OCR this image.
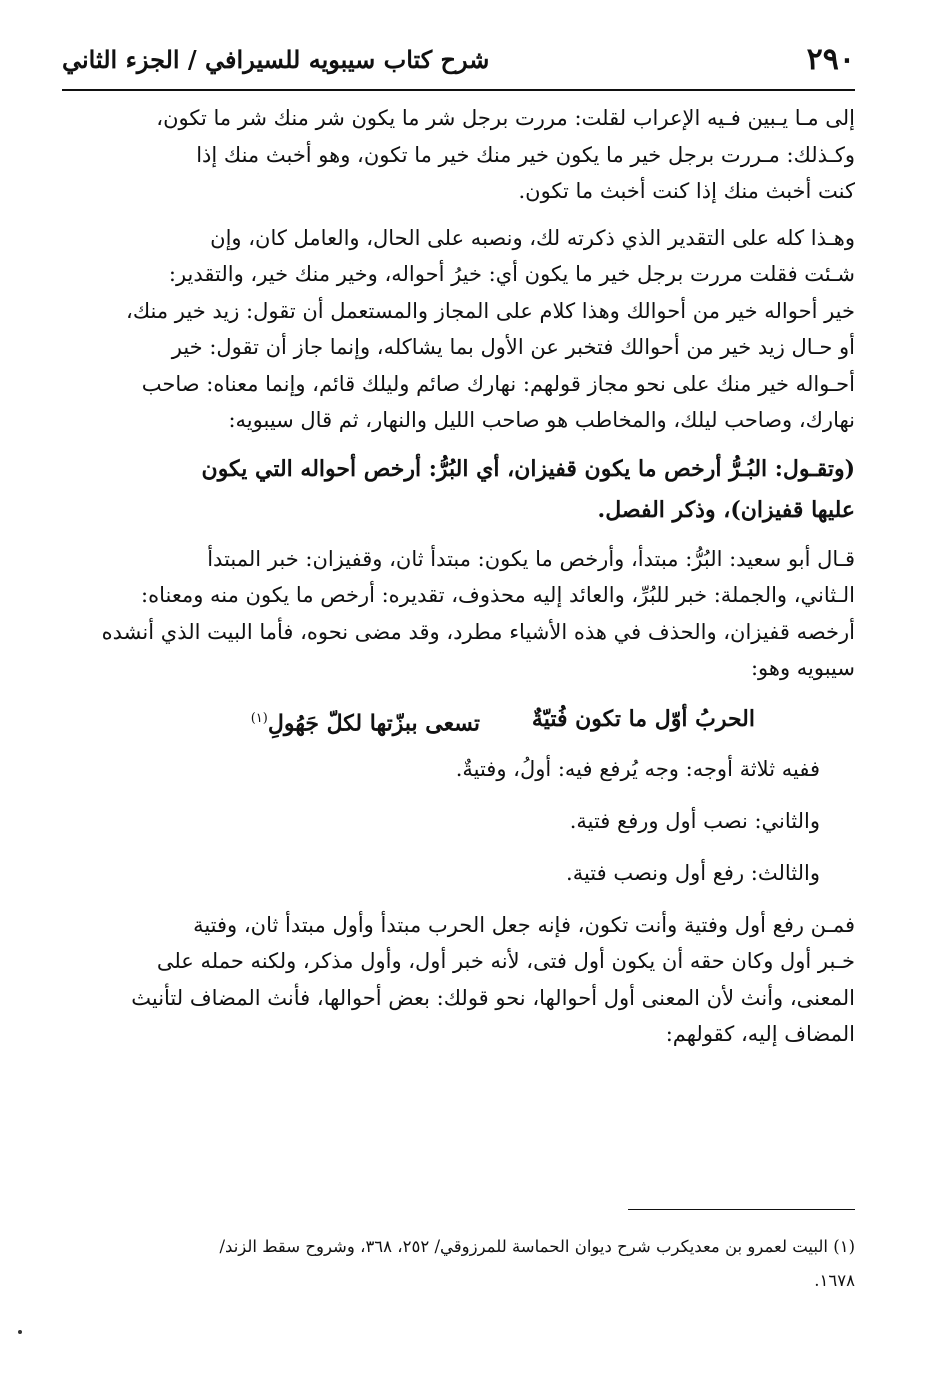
٢٩٠
شرح كتاب سيبويه للسيرافي / الجزء الثاني
إلى مـا يـبين فـيه الإعراب لقلت: مررت برجل شر ما يكون شر منك شر ما تكون،
وكـذلك: مـررت برجل خير ما يكون خير منك خير ما تكون، وهو أخبث منك إذا
كنت أخبث منك إذا كنت أخبث ما تكون.
وهـذا كله على التقدير الذي ذكرته لك، ونصبه على الحال، والعامل كان، وإن
شـئت فقلت مررت برجل خير ما يكون أي: خيرُ أحواله، وخير منك خير، والتقدير:
خير أحواله خير من أحوالك وهذا كلام على المجاز والمستعمل أن تقول: زيد خير منك،
أو حـال زيد خير من أحوالك فتخبر عن الأول بما يشاكله، وإنما جاز أن تقول: خير
أحـواله خير منك على نحو مجاز قولهم: نهارك صائم وليلك قائم، وإنما معناه: صاحب
نهارك، وصاحب ليلك، والمخاطب هو صاحب الليل والنهار، ثم قال سيبويه:
(وتقـول: البُـرُّ أرخص ما يكون قفيزان، أي البُرُّ: أرخص أحواله التي يكون
عليها قفيزان)، وذكر الفصل.
قـال أبو سعيد: البُرُّ: مبتدأ، وأرخص ما يكون: مبتدأ ثان، وقفيزان: خبر المبتدأ
الـثاني، والجملة: خبر للبُرِّ، والعائد إليه محذوف، تقديره: أرخص ما يكون منه ومعناه:
أرخصه قفيزان، والحذف في هذه الأشياء مطرد، وقد مضى نحوه، فأما البيت الذي أنشده
سيبويه وهو:
الحربُ أوّل ما تكون فُتيّةٌ
تسعى ببزّتها لكلّ جَهُولِ$^{(١)}$

ففيه ثلاثة أوجه: وجه يُرفع فيه: أولُ، وفتيةٌ.

والثاني: نصب أول ورفع فتية.

والثالث: رفع أول ونصب فتية.

فمـن رفع أول وفتية وأنت تكون، فإنه جعل الحرب مبتدأ وأول مبتدأ ثان، وفتية
خـبر أول وكان حقه أن يكون أول فتى، لأنه خبر أول، وأول مذكر، ولكنه حمله على
المعنى، وأنث لأن المعنى أول أحوالها، نحو قولك: بعض أحوالها، فأنث المضاف لتأنيث
المضاف إليه، كقولهم:
(١) البيت لعمرو بن معديكرب شرح ديوان الحماسة للمرزوقي/ ٢٥٢، ٣٦٨، وشروح سقط الزند/
١٦٧٨.
